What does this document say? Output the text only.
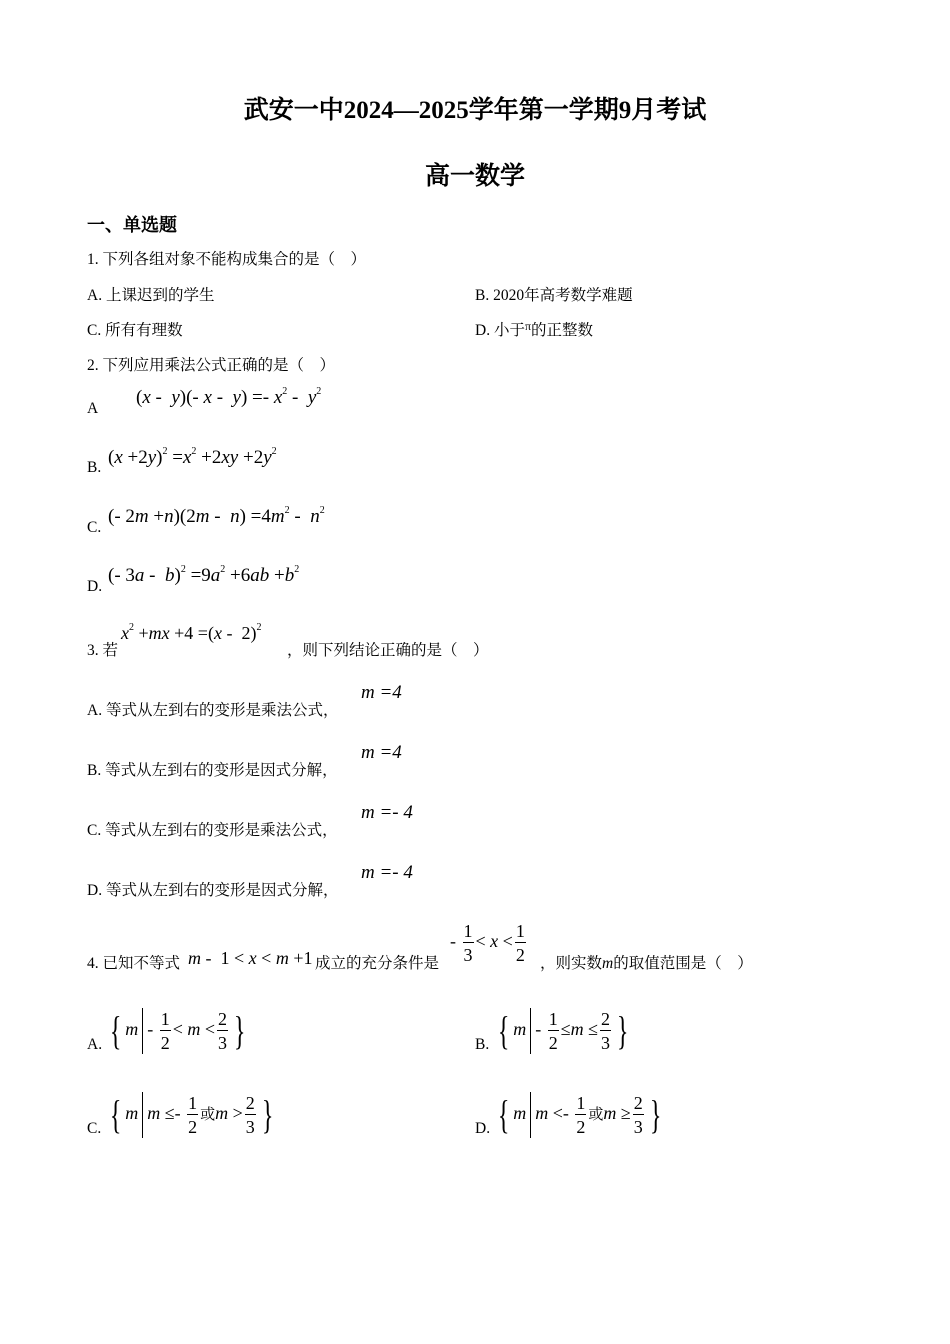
武安一中2024—2025学年第一学期9月考试
高一数学
一、单选题
1. 下列各组对象不能构成集合的是（　）
A. 上课迟到的学生	B. 2020年高考数学难题
C. 所有有理数	D. 小于$^\pi$的正整数
2. 下列应用乘法公式正确的是（　）
A
(x -  y)(- $x - y) =- x^2 - y^2$
B. $(x +2y)^2 =x^2 +2xy +2y^2$
C.
(- $2m +n)(2m - n) =4m^2 - n^2$
D.
(- $3a - b)^2 =9a^2 +6ab +b^2$
3. 若
$x^2 +mx +4 =(x - 2)^2$
，则下列结论正确的是（　）
A. 等式从左到右的变形是乘法公式，
m =4
B. 等式从左到右的变形是因式分解，
m =4
C. 等式从左到右的变形是乘法公式，
m =- 4
D. 等式从左到右的变形是因式分解，
m =- 4
4. 已知不等式 m -  1 < x < m +1 成立的充分条件是
- $\frac{1}{3} < x < \frac{1}{2}$ ，则实数m的取值范围是（　）
A. { $m - \frac{1}{2} < m < \frac{2}{3}$ }	B. { $m - \frac{1}{2} \le m \le \frac{2}{3}$ }
C. { m $m \le- \frac{1}{2}$ 或$m > \frac{2}{3}$ }	D. { m $m <- \frac{1}{2}$ 或$m \ge \frac{2}{3}$ }
